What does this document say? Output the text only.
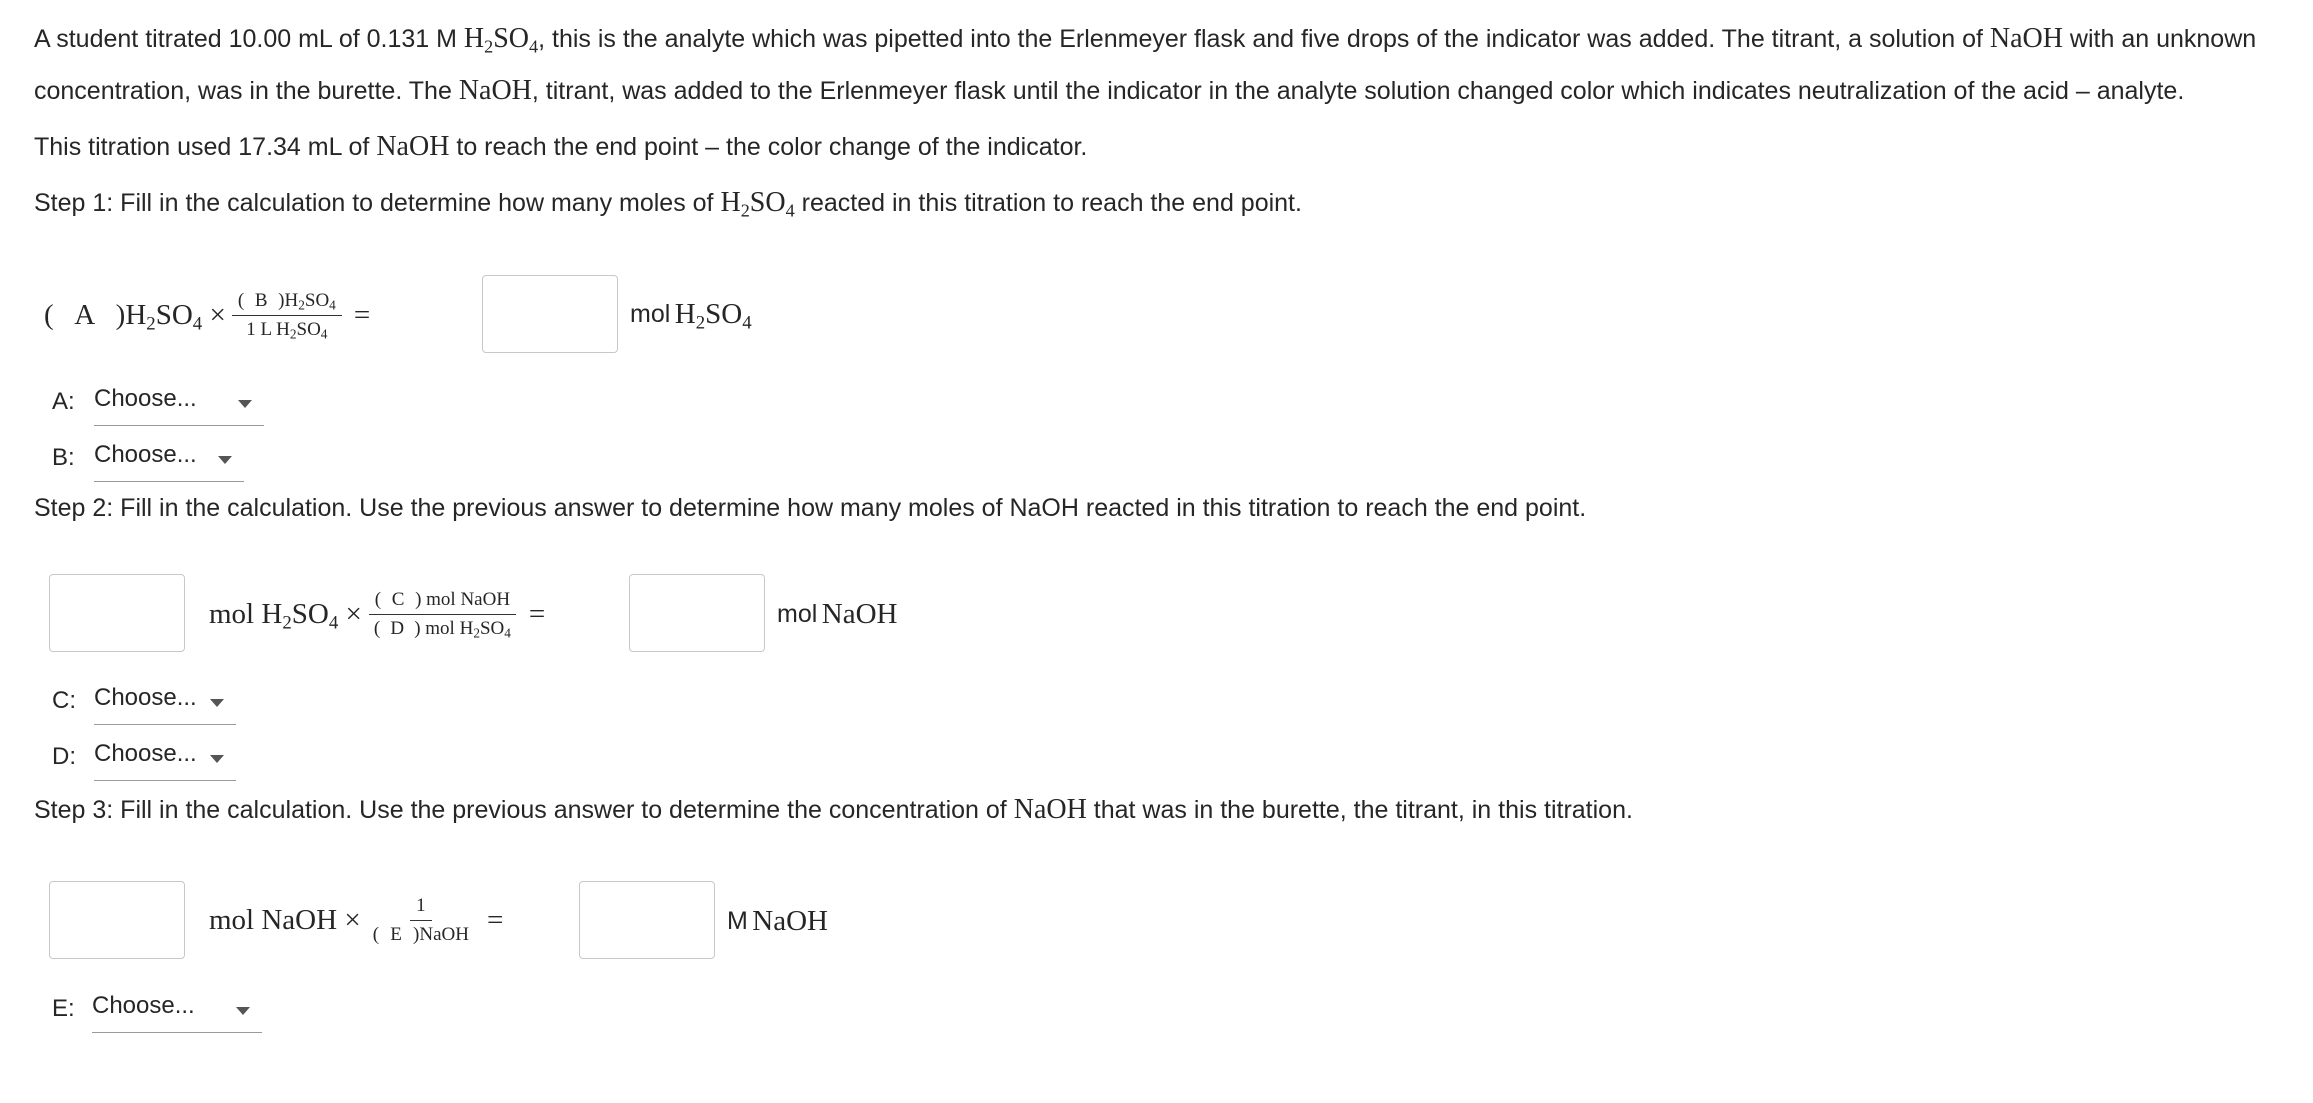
A student titrated 10.00 mL of 0.131 M $H_2SO_4$, this is the analyte which was pipetted into the Erlenmeyer flask and five drops of the indicator was added. The titrant, a solution of NaOH with an unknown
concentration, was in the burette. The NaOH, titrant, was added to the Erlenmeyer flask until the indicator in the analyte solution changed color which indicates neutralization of the acid – analyte.
This titration used 17.34 mL of NaOH to reach the end point – the color change of the indicator.
Step 1: Fill in the calculation to determine how many moles of $H_2SO_4$ reacted in this titration to reach the end point.
( A )$H_2SO_4 \times \frac{( B )H_2SO_4}{1 L H_2SO_4}$ =	mol
$H_2SO_4$
A: Choose...
B: Choose...
Step 2: Fill in the calculation. Use the previous answer to determine how many moles of NaOH reacted in this titration to reach the end point.
mol $H_2SO_4 \times \frac{\text{( C ) mol NaOH}}{( D ) mol H_2SO_4}$ =	mol
NaOH
C: Choose...
D: Choose...
Step 3: Fill in the calculation. Use the previous answer to determine the concentration of NaOH that was in the burette, the titrant, in this titration.
mol NaOH × $\frac{1}{\text{( E )NaOH}}$ =	M
NaOH
E: Choose...
